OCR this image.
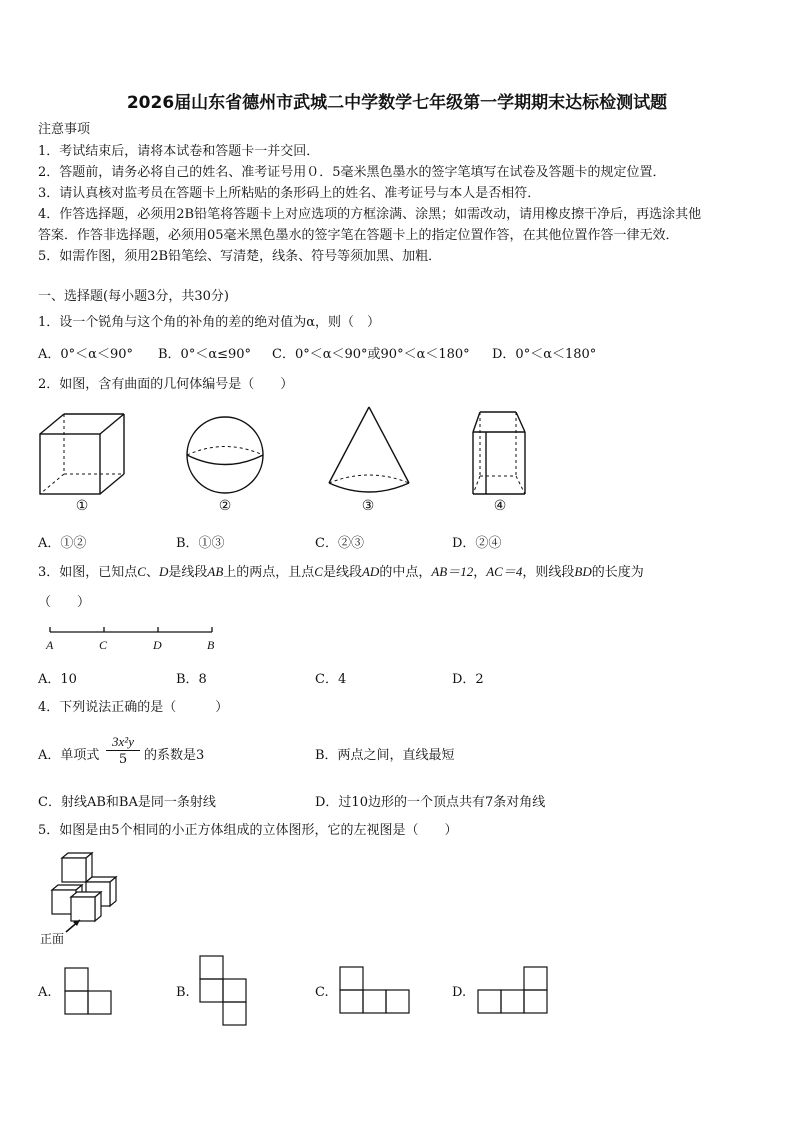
2026届山东省德州市武城二中学数学七年级第一学期期末达标检测试题
注意事项
1．考试结束后，请将本试卷和答题卡一并交回．
2．答题前，请务必将自己的姓名、准考证号用０．5毫米黑色墨水的签字笔填写在试卷及答题卡的规定位置．
3．请认真核对监考员在答题卡上所粘贴的条形码上的姓名、准考证号与本人是否相符．
4．作答选择题，必须用2B铅笔将答题卡上对应选项的方框涂满、涂黑；如需改动，请用橡皮擦干净后，再选涂其他
答案．作答非选择题，必须用05毫米黑色墨水的签字笔在答题卡上的指定位置作答，在其他位置作答一律无效．
5．如需作图，须用2B铅笔绘、写清楚，线条、符号等须加黑、加粗．
一、选择题(每小题3分，共30分)
1．设一个锐角与这个角的补角的差的绝对值为α，则（　）
A．0°＜α＜90° B．0°＜α≤90° C．0°＜α＜90°或90°＜α＜180° D．0°＜α＜180°
2．如图，含有曲面的几何体编号是（　　）
①	②	③	④
A．①②	B．①③	C．②③	D．②④
3．如图，已知点C、D是线段AB上的两点，且点C是线段AD的中点，AB＝12，AC＝4，则线段BD的长度为
（　　）
A	C	D	B
A．10	B．8	C．4	D．2
4．下列说法正确的是（　　　）
A．单项式 $\frac{\text{3x²y}}{5}$ 的系数是3	B．两点之间，直线最短
C．射线AB和BA是同一条射线	D．过10边形的一个顶点共有7条对角线
5．如图是由5个相同的小正方体组成的立体图形，它的左视图是（　　）
正面
A.	B.	C.	D.
